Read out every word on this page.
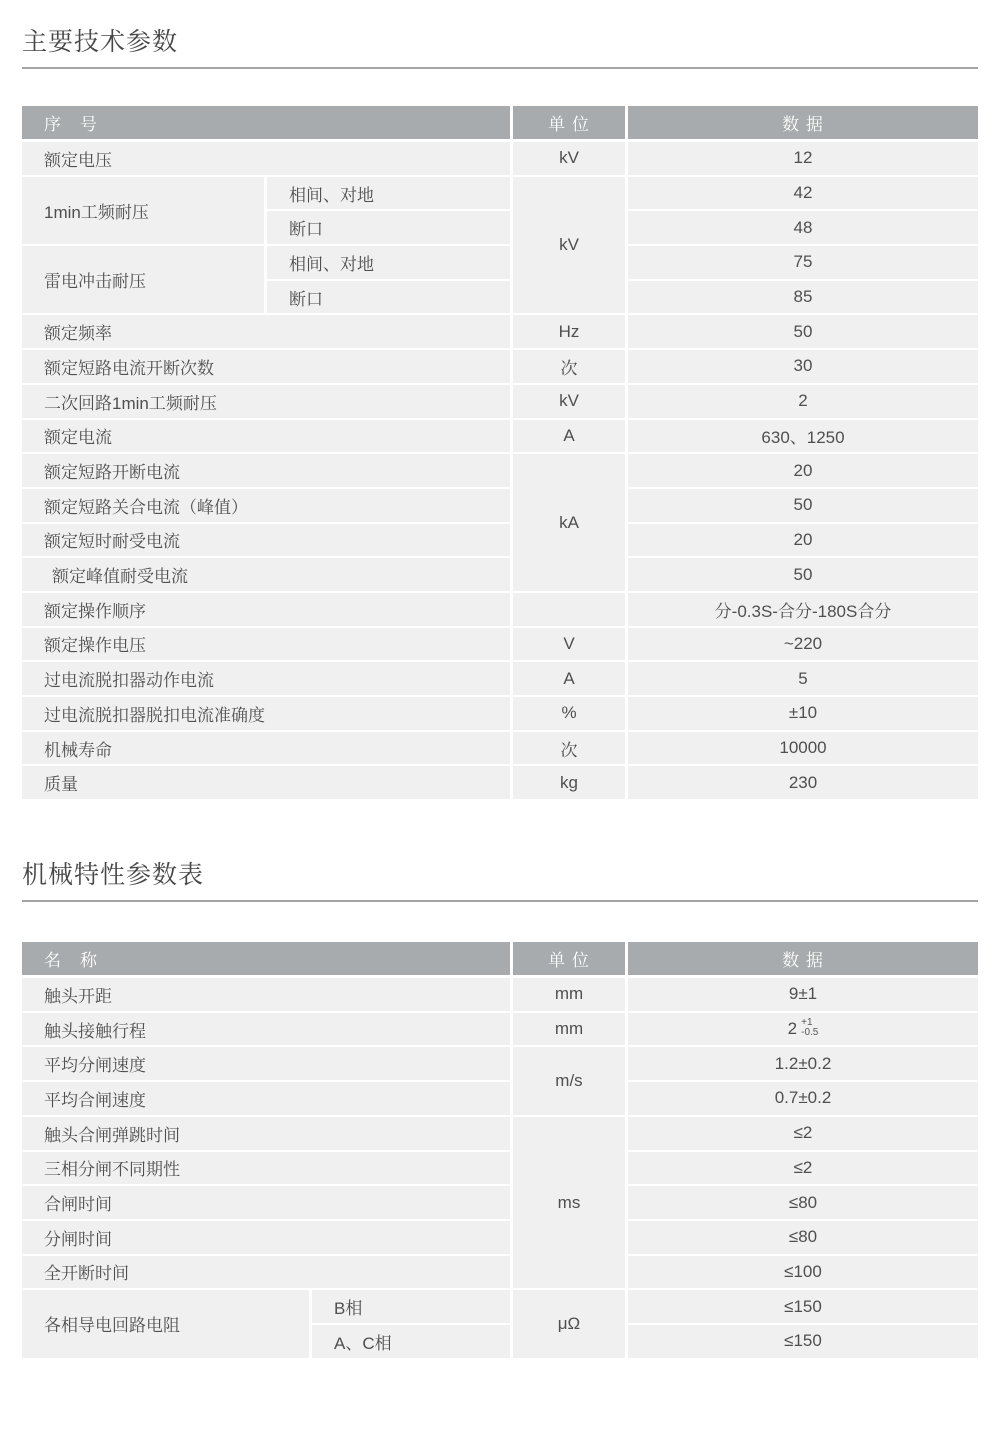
主要技术参数
序　号		单 位	数 据
额定电压		kV	12
1min工频耐压	相间、对地	kV	42
	断口		48
雷电冲击耐压	相间、对地		75
	断口		85
额定频率		Hz	50
额定短路电流开断次数		次	30
二次回路1min工频耐压		kV	2
额定电流		A	630、1250
额定短路开断电流		kA	20
额定短路关合电流（峰值）			50
额定短时耐受电流			20
额定峰值耐受电流			50
额定操作顺序			分-0.3S-合分-180S合分
额定操作电压		V	~220
过电流脱扣器动作电流		A	5
过电流脱扣器脱扣电流准确度		%	±10
机械寿命		次	10000
质量		kg	230
机械特性参数表
名　称		单 位	数 据
触头开距		mm	9±1
触头接触行程		mm	2 +1
-0.5

平均分闸速度		m/s	1.2±0.2
平均合闸速度			0.7±0.2
触头合闸弹跳时间		ms	≤2
三相分闸不同期性			≤2
合闸时间			≤80
分闸时间			≤80
全开断时间			≤100
各相导电回路电阻	B相	μΩ	≤150
	A、C相		≤150
